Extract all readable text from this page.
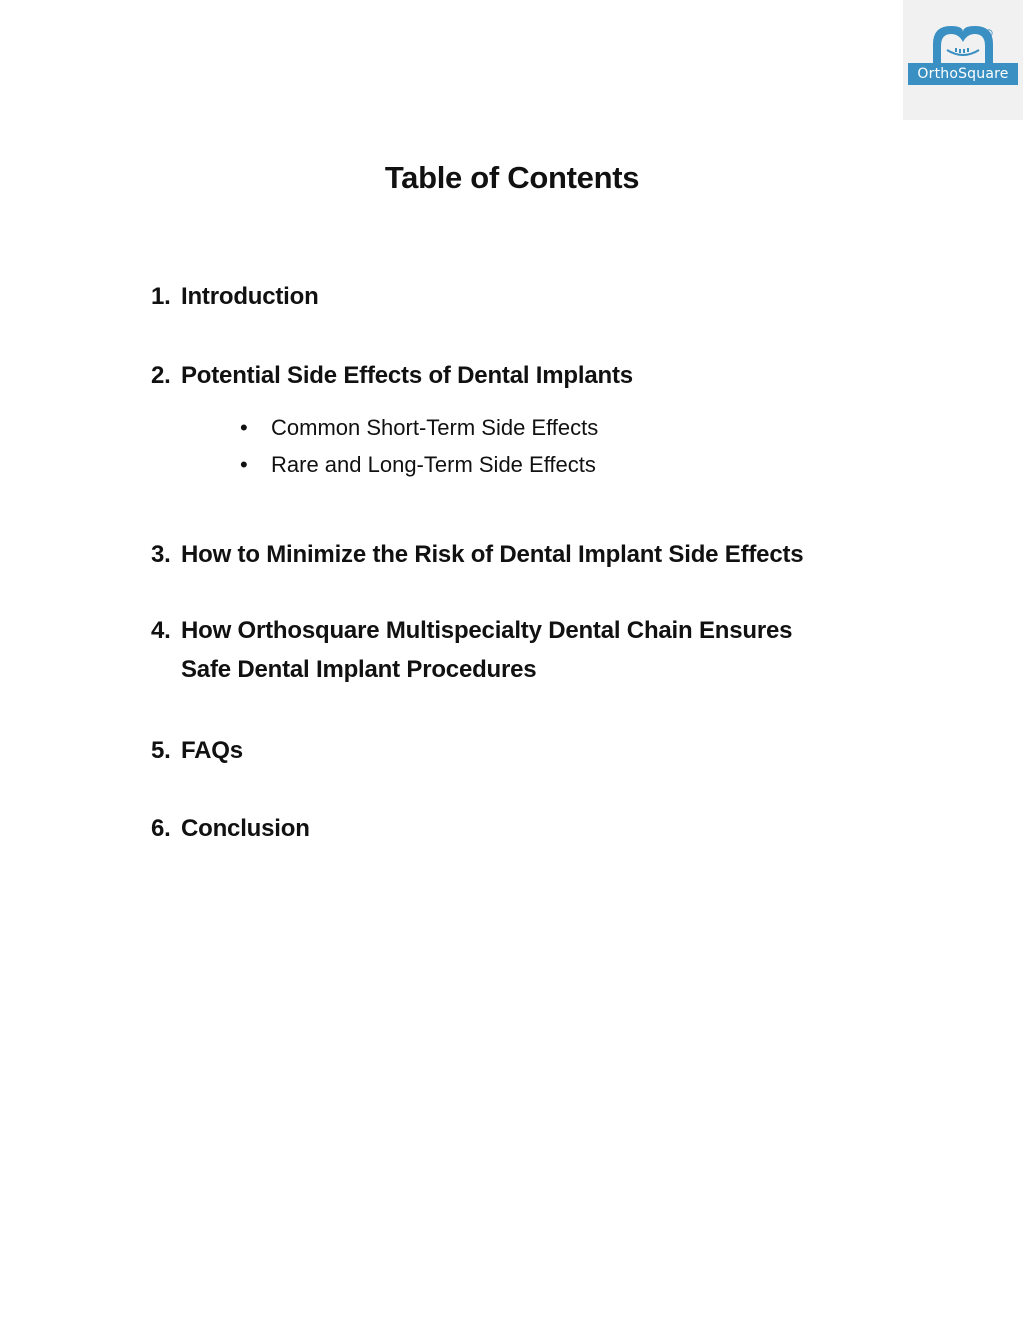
®
OrthoSquare
Table of Contents
1. Introduction
2. Potential Side Effects of Dental Implants
3. How to Minimize the Risk of Dental Implant Side Effects
4. How Orthosquare Multispecialty Dental Chain Ensures
Safe Dental Implant Procedures
5. FAQs
6. Conclusion
• Common Short-Term Side Effects
• Rare and Long-Term Side Effects
